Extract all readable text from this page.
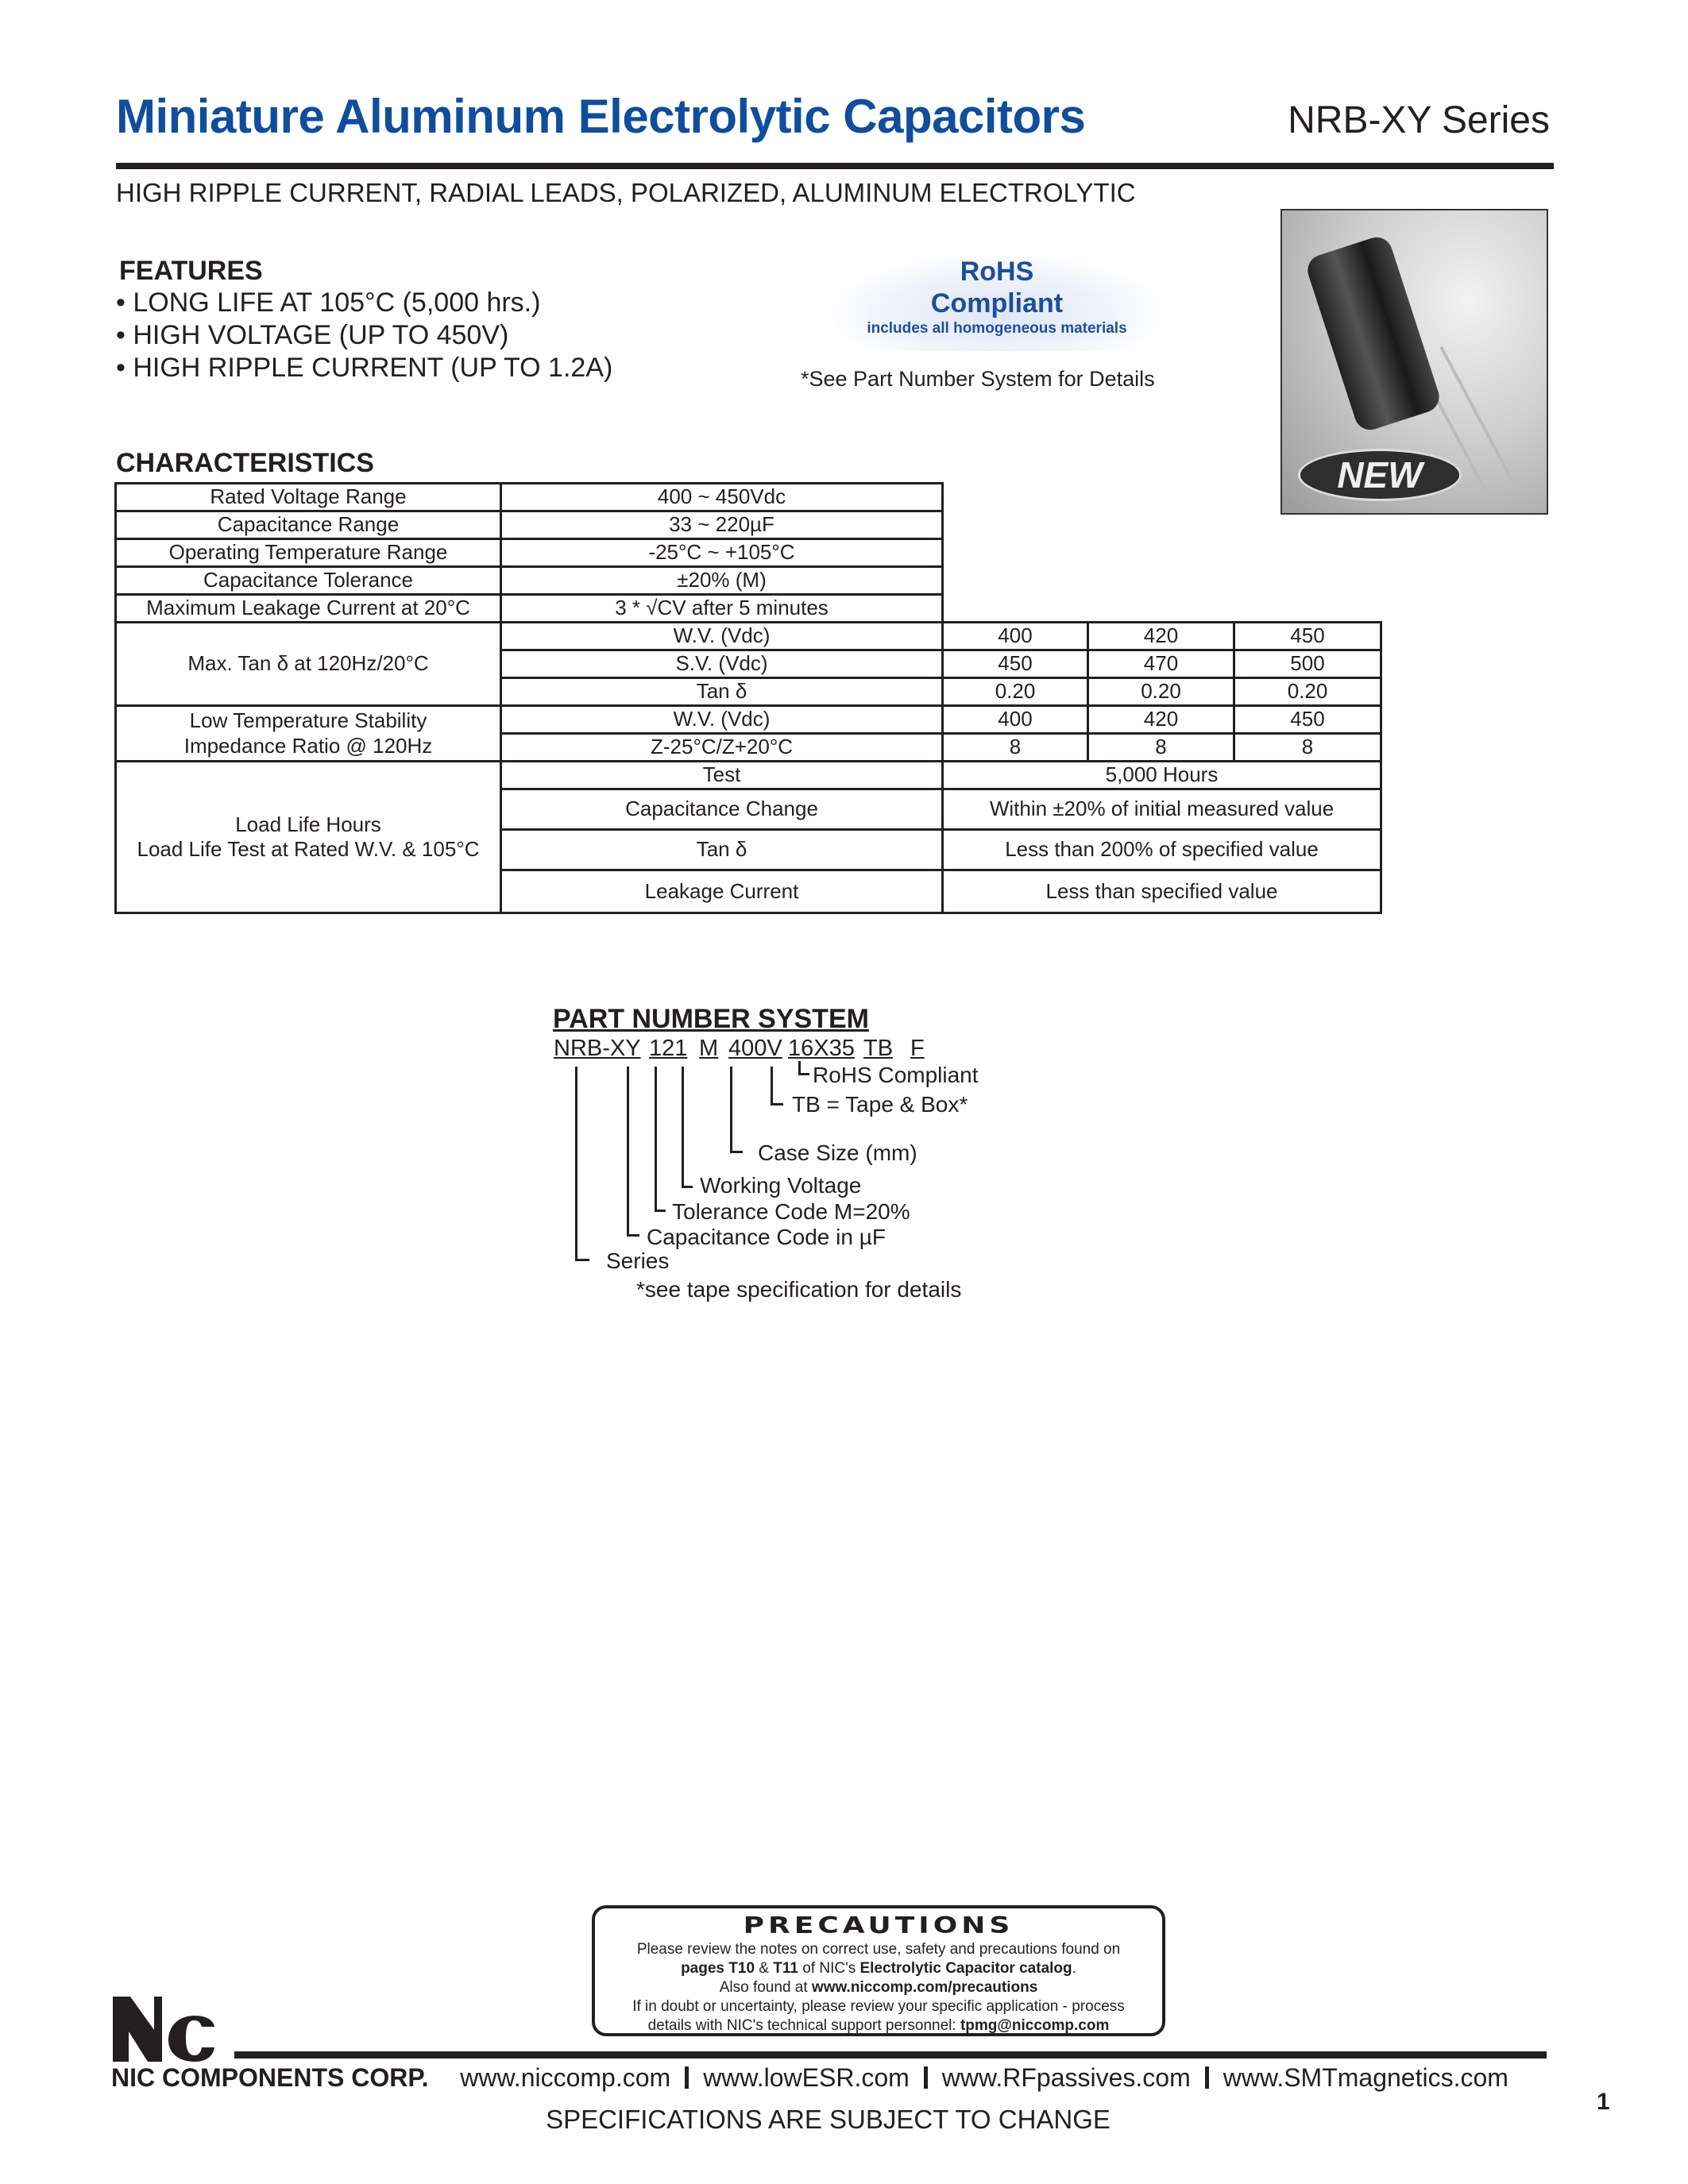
Miniature Aluminum Electrolytic Capacitors	NRB-XY Series
HIGH RIPPLE CURRENT, RADIAL LEADS, POLARIZED, ALUMINUM ELECTROLYTIC
FEATURES
• LONG LIFE AT 105°C (5,000 hrs.)
• HIGH VOLTAGE (UP TO 450V)
• HIGH RIPPLE CURRENT (UP TO 1.2A)
RoHS
Compliant
includes all homogeneous materials
*See Part Number System for Details
NEW
CHARACTERISTICS
Rated Voltage Range	400 ~ 450Vdc			
Capacitance Range	33 ~ 220µF			
Operating Temperature Range	-25°C ~ +105°C			
Capacitance Tolerance	±20% (M)			
Maximum Leakage Current at 20°C	3 * √CV after 5 minutes			
Max. Tan δ at 120Hz/20°C	W.V. (Vdc)	400	420	450
	S.V. (Vdc)	450	470	500
	Tan δ	0.20	0.20	0.20

Low Temperature Stability
Impedance Ratio @ 120Hz	W.V. (Vdc)	400	420	450
	Z-25°C/Z+20°C	8	8	8

Load Life Hours
Load Life Test at Rated W.V. & 105°C	Test	5,000 Hours		
	Capacitance Change	Within ±20% of initial measured value		
	Tan δ	Less than 200% of specified value		
	Leakage Current	Less than specified value		
PART NUMBER SYSTEM
NRB-XY 121 M 400V 16X35 TB F
RoHS Compliant
TB = Tape & Box*
Case Size (mm)
Working Voltage
Tolerance Code M=20%
Capacitance Code in µF
Series
*see tape specification for details
PRECAUTIONS
Please review the notes on correct use, safety and precautions found on
pages T10 & T11 of NIC's Electrolytic Capacitor catalog.
Also found at www.niccomp.com/precautions
If in doubt or uncertainty, please review your specific application - process
details with NIC's technical support personnel: tpmg@niccomp.com
NIC COMPONENTS CORP. www.niccomp.com www.lowESR.com www.RFpassives.com www.SMTmagnetics.com
SPECIFICATIONS ARE SUBJECT TO CHANGE
1
